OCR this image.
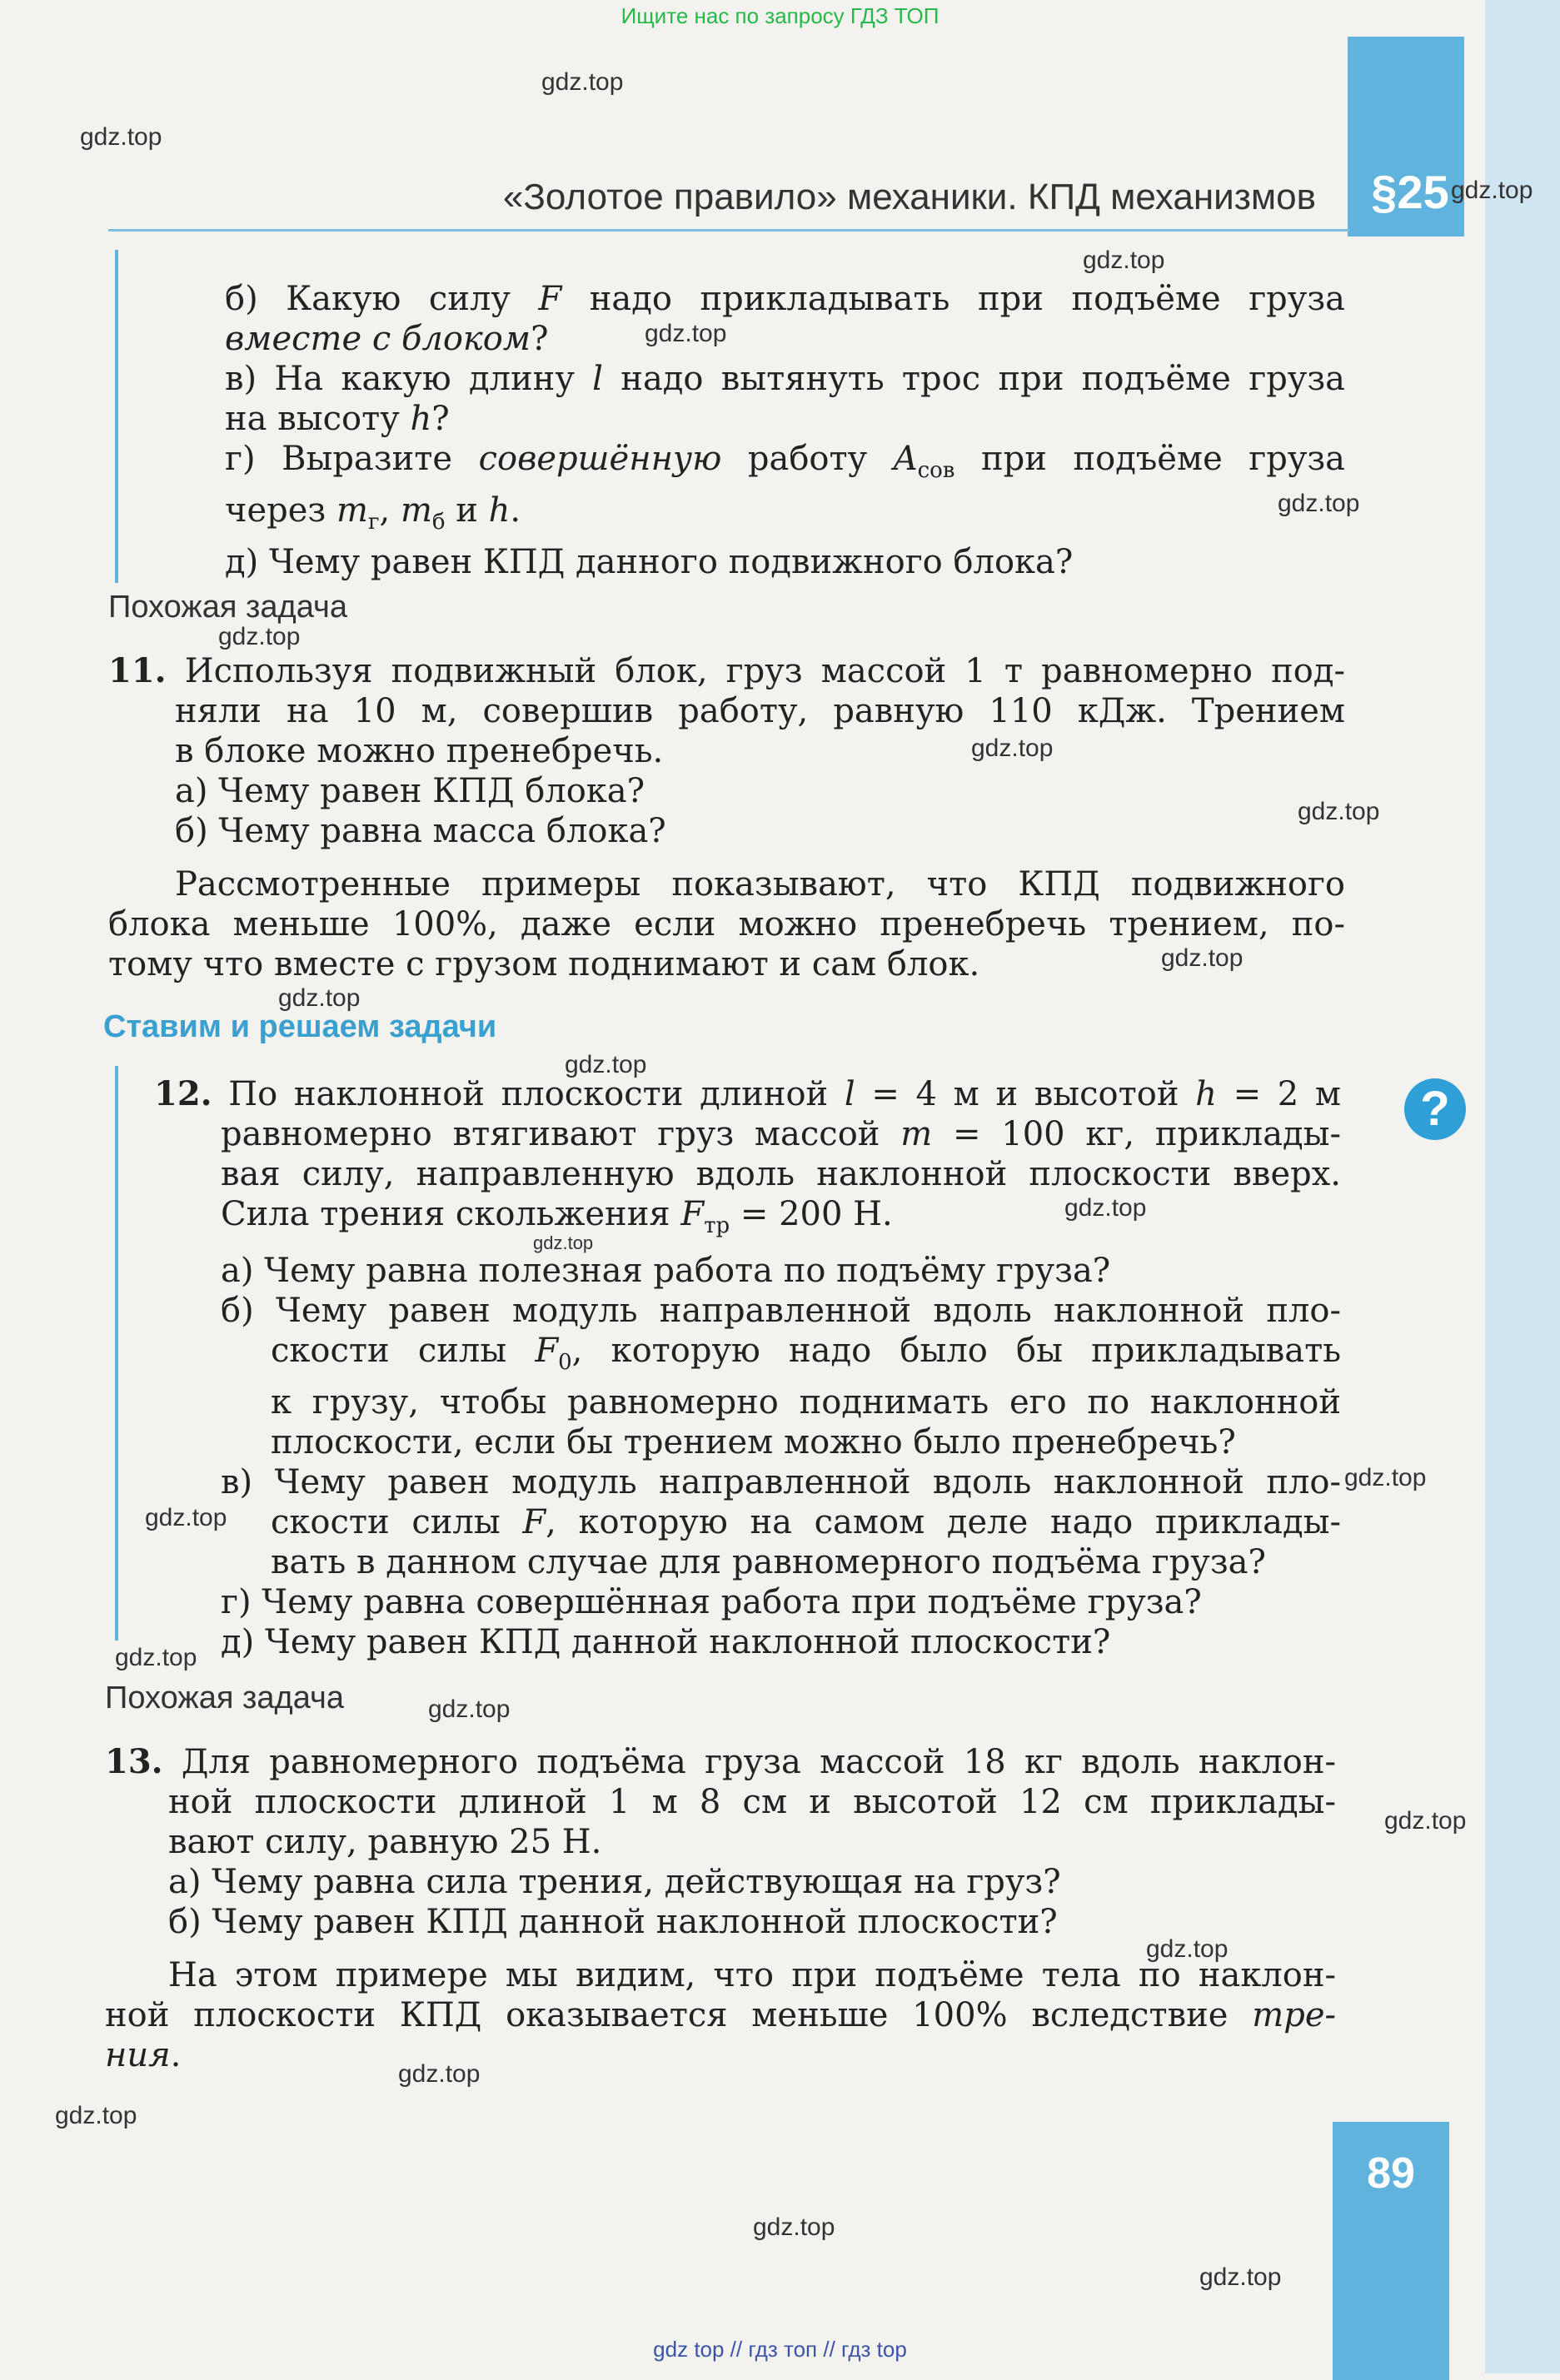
§25
Ищите нас по запросу ГДЗ ТОП
«Золотое правило» механики. КПД механизмов
б) Какую силу F надо прикладывать при подъёме груза
вместе с блоком?
в) На какую длину l надо вытянуть трос при подъёме груза
на высоту h?
г) Выразите совершённую работу $A_{сов}$ при подъёме груза
через $m_г$, $m_б$ и h.
д) Чему равен КПД данного подвижного блока?
Похожая задача
11. Используя подвижный блок, груз массой 1 т равномерно под-
няли на 10 м, совершив работу, равную 110 кДж. Трением
в блоке можно пренебречь.
а) Чему равен КПД блока?
б) Чему равна масса блока?
Рассмотренные примеры показывают, что КПД подвижного
блока меньше 100%, даже если можно пренебречь трением, по-
тому что вместе с грузом поднимают и сам блок.
Ставим и решаем задачи
12. По наклонной плоскости длиной l = 4 м и высотой h = 2 м
равномерно втягивают груз массой m = 100 кг, приклады-
вая силу, направленную вдоль наклонной плоскости вверх.
Сила трения скольжения $F_{тр} = 200$ Н.
а) Чему равна полезная работа по подъёму груза?
б) Чему равен модуль направленной вдоль наклонной пло-
скости силы $F_0$, которую надо было бы прикладывать
к грузу, чтобы равномерно поднимать его по наклонной
плоскости, если бы трением можно было пренебречь?
в) Чему равен модуль направленной вдоль наклонной пло-
скости силы F, которую на самом деле надо приклады-
вать в данном случае для равномерного подъёма груза?
г) Чему равна совершённая работа при подъёме груза?
д) Чему равен КПД данной наклонной плоскости?
?
Похожая задача
13. Для равномерного подъёма груза массой 18 кг вдоль наклон-
ной плоскости длиной 1 м 8 см и высотой 12 см приклады-
вают силу, равную 25 Н.
а) Чему равна сила трения, действующая на груз?
б) Чему равен КПД данной наклонной плоскости?
На этом примере мы видим, что при подъёме тела по наклон-
ной плоскости КПД оказывается меньше 100% вследствие тре-
ния.
89
gdz top // гдз топ // гдз top
gdz.top
gdz.top
gdz.top
gdz.top
gdz.top
gdz.top
gdz.top
gdz.top
gdz.top
gdz.top
gdz.top
gdz.top
gdz.top
gdz.top
gdz.top
gdz.top
gdz.top
gdz.top
gdz.top
gdz.top
gdz.top
gdz.top
gdz.top
gdz.top
